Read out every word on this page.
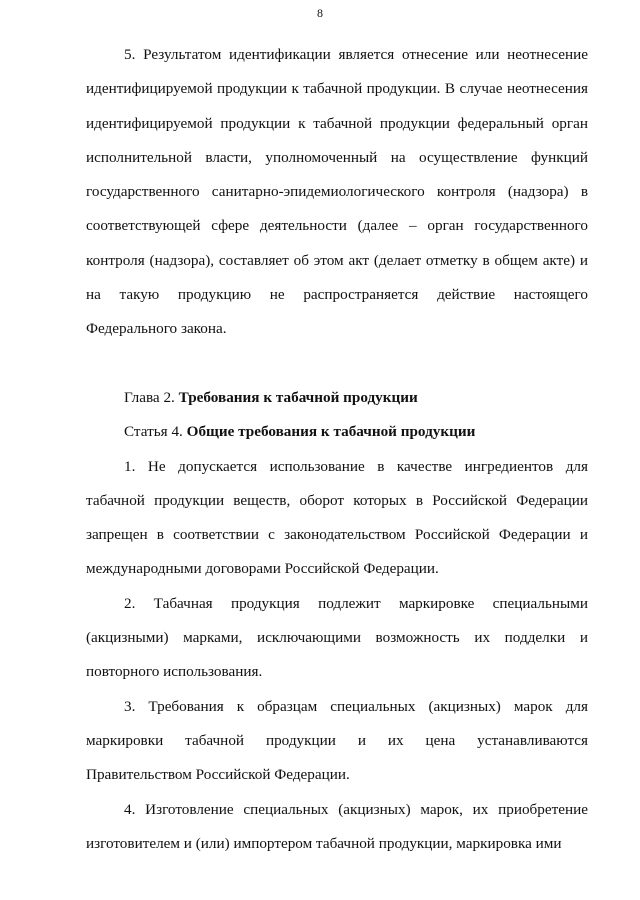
8

5. Результатом идентификации является отнесение или неотнесение идентифицируемой продукции к табачной продукции. В случае неотнесения идентифицируемой продукции к табачной продукции федеральный орган исполнительной власти, уполномоченный на осуществление функций государственного санитарно-эпидемиологического контроля (надзора) в соответствующей сфере деятельности (далее – орган государственного контроля (надзора), составляет об этом акт (делает отметку в общем акте) и на такую продукцию не распространяется действие настоящего Федерального закона.

Глава 2. Требования к табачной продукции

Статья 4. Общие требования к табачной продукции

1. Не допускается использование в качестве ингредиентов для табачной продукции веществ, оборот которых в Российской Федерации запрещен в соответствии с законодательством Российской Федерации и международными договорами Российской Федерации.

2. Табачная продукция подлежит маркировке специальными (акцизными) марками, исключающими возможность их подделки и повторного использования.

3. Требования к образцам специальных (акцизных) марок для маркировки табачной продукции и их цена устанавливаются Правительством Российской Федерации.

4. Изготовление специальных (акцизных) марок, их приобретение изготовителем и (или) импортером табачной продукции, маркировка ими
